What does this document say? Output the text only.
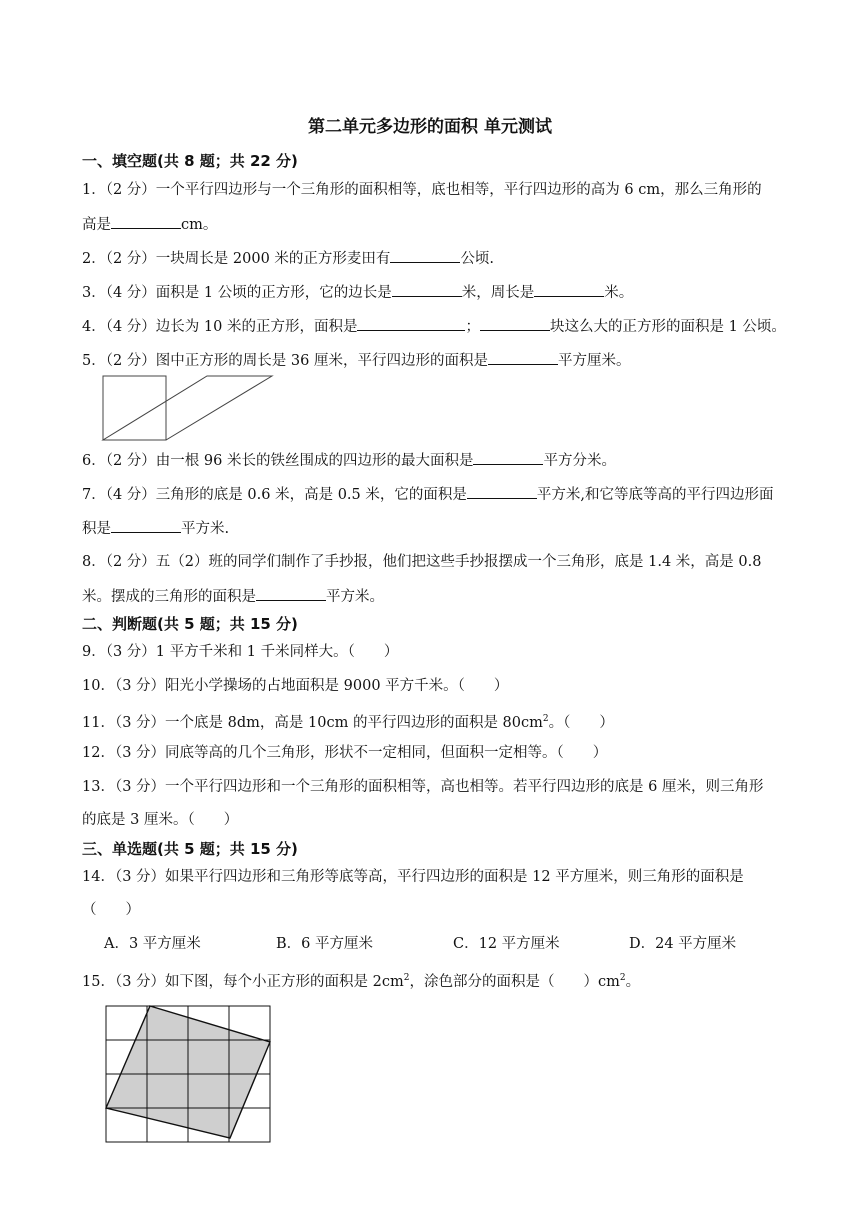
第二单元多边形的面积 单元测试
一、填空题(共 8 题；共 22 分)
1．（2 分）一个平行四边形与一个三角形的面积相等，底也相等，平行四边形的高为 6 cm，那么三角形的
高是	cm。
2．（2 分）一块周长是 2000 米的正方形麦田有	公顷.
3．（4 分）面积是 1 公顷的正方形，它的边长是	米，周长是	米。
4．（4 分）边长为 10 米的正方形，面积是	；	块这么大的正方形的面积是 1 公顷。
5．（2 分）图中正方形的周长是 36 厘米，平行四边形的面积是	平方厘米。
6．（2 分）由一根 96 米长的铁丝围成的四边形的最大面积是	平方分米。
7．（4 分）三角形的底是 0.6 米，高是 0.5 米，它的面积是	平方米,和它等底等高的平行四边形面
积是	平方米.
8．（2 分）五（2）班的同学们制作了手抄报，他们把这些手抄报摆成一个三角形，底是 1.4 米，高是 0.8
米。摆成的三角形的面积是	平方米。
二、判断题(共 5 题；共 15 分)
9．（3 分）1 平方千米和 1 千米同样大。（　　）
10．（3 分）阳光小学操场的占地面积是 9000 平方千米。（　　）
11．（3 分）一个底是 8dm，高是 10cm 的平行四边形的面积是 $80cm^2$。（　　）
12．（3 分）同底等高的几个三角形，形状不一定相同，但面积一定相等。（　　）
13．（3 分）一个平行四边形和一个三角形的面积相等，高也相等。若平行四边形的底是 6 厘米，则三角形
的底是 3 厘米。（　　）
三、单选题(共 5 题；共 15 分)
14．（3 分）如果平行四边形和三角形等底等高，平行四边形的面积是 12 平方厘米，则三角形的面积是
（　　）
A．3 平方厘米	B．6 平方厘米	C．12 平方厘米	D．24 平方厘米
15．（3 分）如下图，每个小正方形的面积是 $2cm^2$，涂色部分的面积是（　　）$cm^2$。
